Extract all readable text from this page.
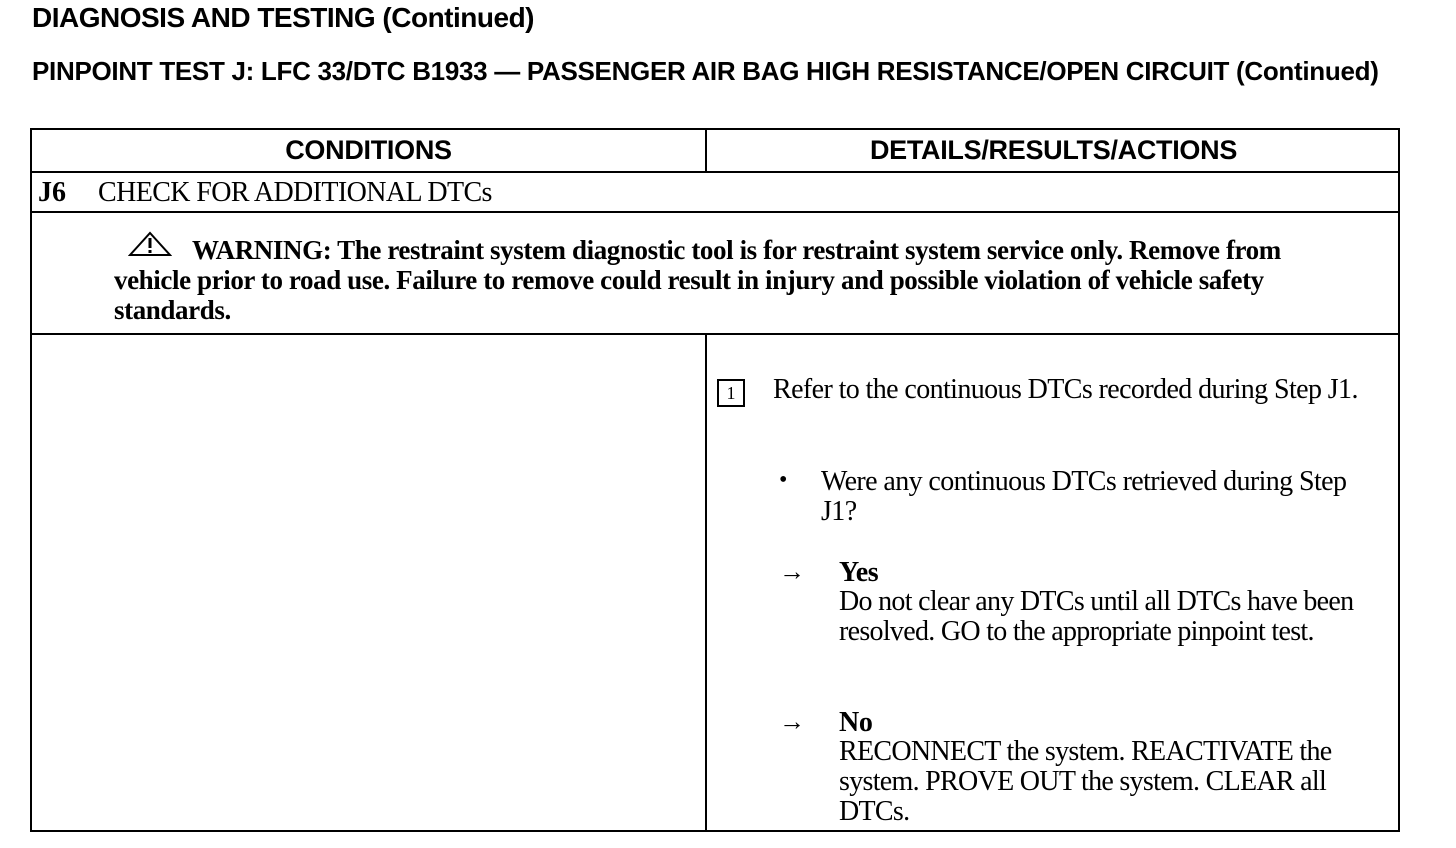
DIAGNOSIS AND TESTING (Continued)
PINPOINT TEST J: LFC 33/DTC B1933 — PASSENGER AIR BAG HIGH RESISTANCE/OPEN CIRCUIT (Continued)
CONDITIONS	DETAILS/RESULTS/ACTIONS
J6 CHECK FOR ADDITIONAL DTCs
WARNING: The restraint system diagnostic tool is for restraint system service only. Remove from vehicle prior to road use. Failure to remove could result in injury and possible violation of vehicle safety standards.
1	Refer to the continuous DTCs recorded during Step J1.
• Were any continuous DTCs retrieved during Step J1?
→ Yes
Do not clear any DTCs until all DTCs have been resolved. GO to the appropriate pinpoint test.
→ No
RECONNECT the system. REACTIVATE the system. PROVE OUT the system. CLEAR all DTCs.
